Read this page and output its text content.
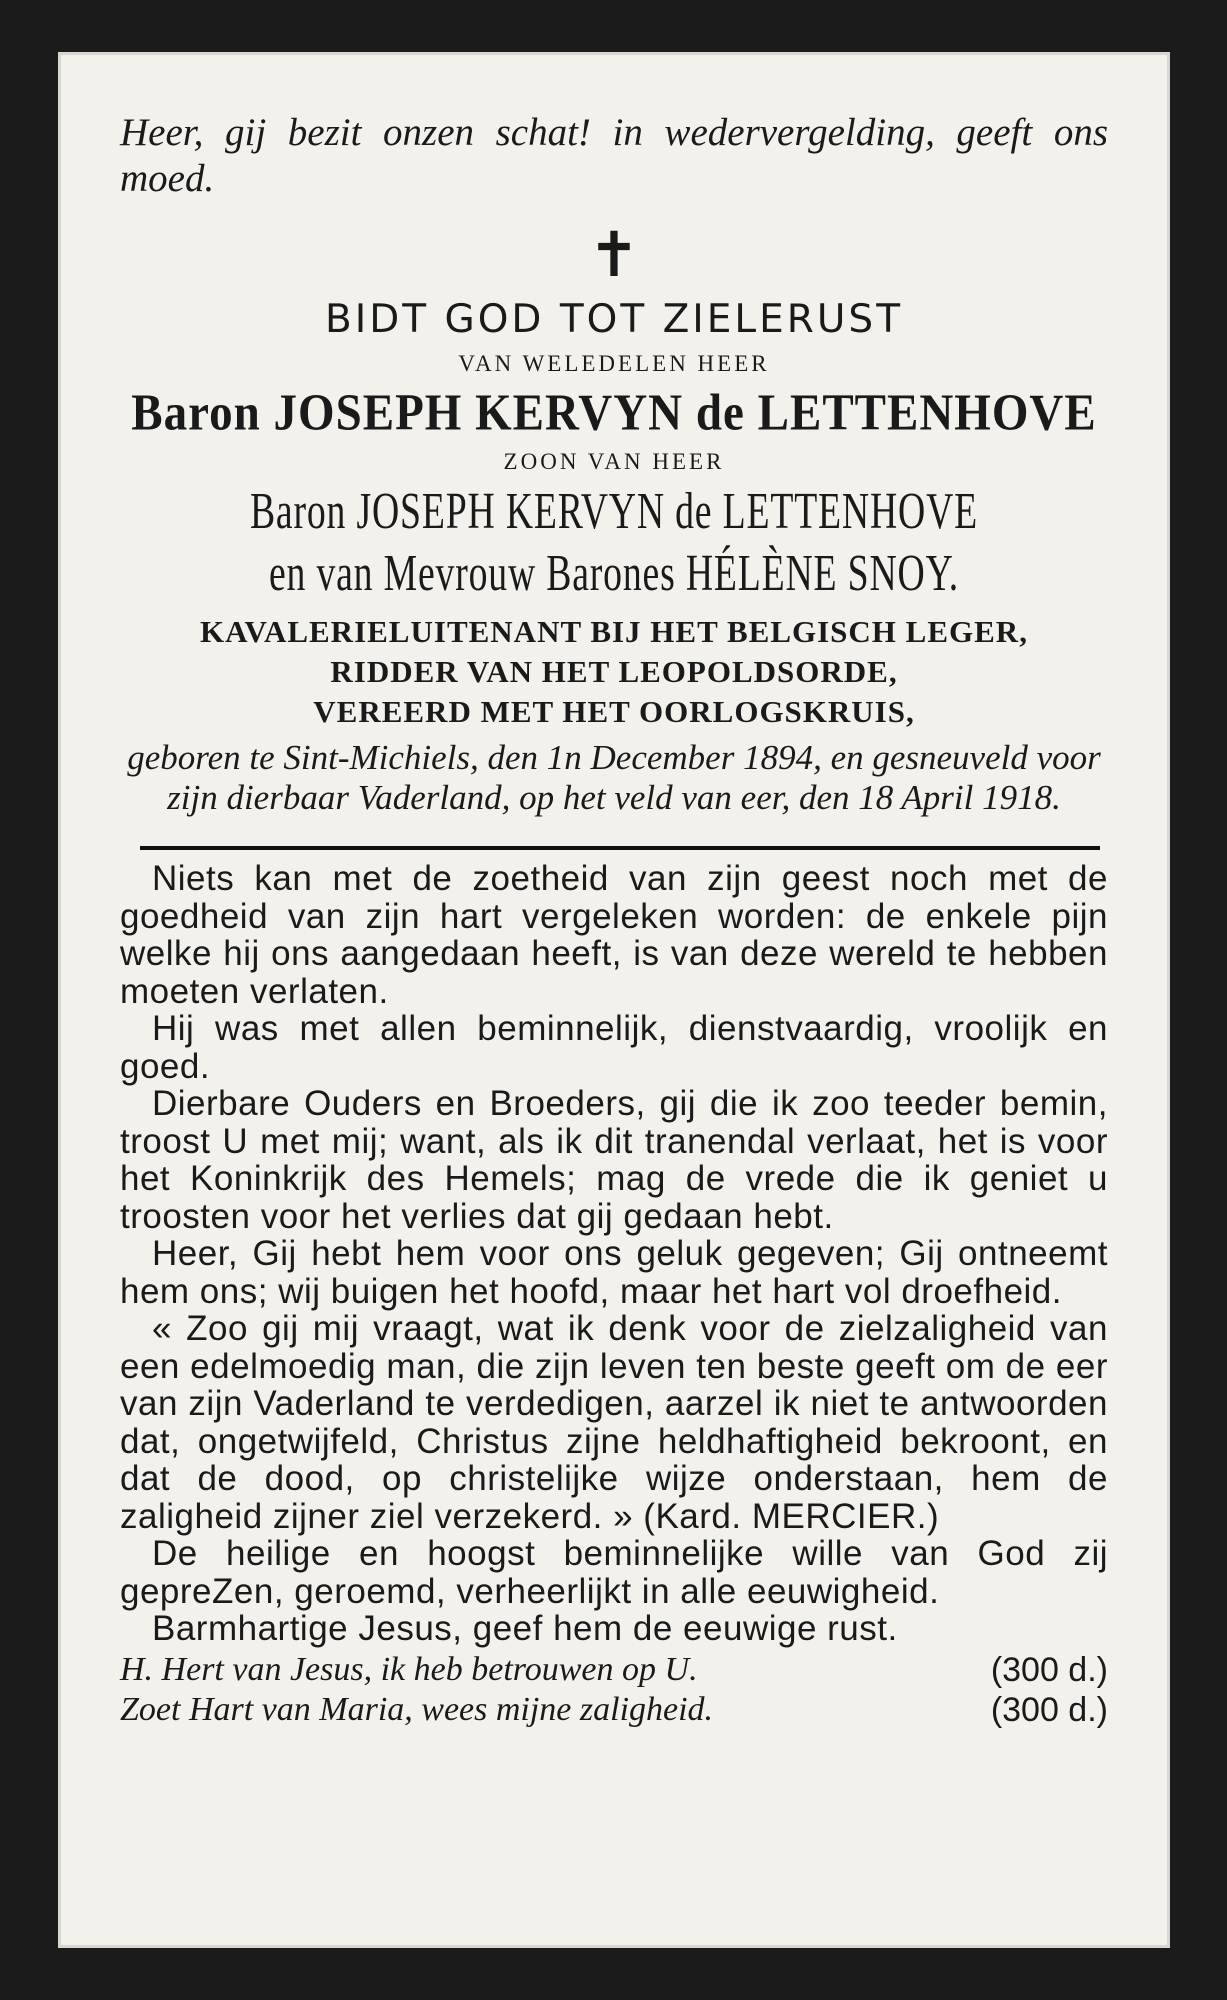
Heer, gij bezit onzen schat! in wedervergelding, geeft ons moed.

✝
BIDT GOD TOT ZIELERUST
VAN WELEDELEN HEER
Baron JOSEPH KERVYN de LETTENHOVE
ZOON VAN HEER
Baron JOSEPH KERVYN de LETTENHOVE
en van Mevrouw Barones HÉLÈNE SNOY.
KAVALERIELUITENANT BIJ HET BELGISCH LEGER,
RIDDER VAN HET LEOPOLDSORDE,
VEREERD MET HET OORLOGSKRUIS,
geboren te Sint-Michiels, den 1n December 1894, en gesneuveld voor zijn dierbaar Vaderland, op het veld van eer, den 18 April 1918.

Niets kan met de zoetheid van zijn geest noch met de goedheid van zijn hart vergeleken worden: de enkele pijn welke hij ons aangedaan heeft, is van deze wereld te hebben moeten verlaten.

Hij was met allen beminnelijk, dienstvaardig, vroolijk en goed.

Dierbare Ouders en Broeders, gij die ik zoo teeder bemin, troost U met mij; want, als ik dit tranendal verlaat, het is voor het Koninkrijk des Hemels; mag de vrede die ik geniet u troosten voor het verlies dat gij gedaan hebt.

Heer, Gij hebt hem voor ons geluk gegeven; Gij ontneemt hem ons; wij buigen het hoofd, maar het hart vol droefheid.

« Zoo gij mij vraagt, wat ik denk voor de zielzaligheid van een edelmoedig man, die zijn leven ten beste geeft om de eer van zijn Vaderland te verdedigen, aarzel ik niet te antwoorden dat, ongetwijfeld, Christus zijne heldhaftigheid bekroont, en dat de dood, op christelijke wijze onderstaan, hem de zaligheid zijner ziel verzekerd. » (Kard. MERCIER.)

De heilige en hoogst beminnelijke wille van God zij gepreZen, geroemd, verheerlijkt in alle eeuwigheid.

Barmhartige Jesus, geef hem de eeuwige rust.

H. Hert van Jesus, ik heb betrouwen op U.	(300 d.)
Zoet Hart van Maria, wees mijne zaligheid.	(300 d.)
